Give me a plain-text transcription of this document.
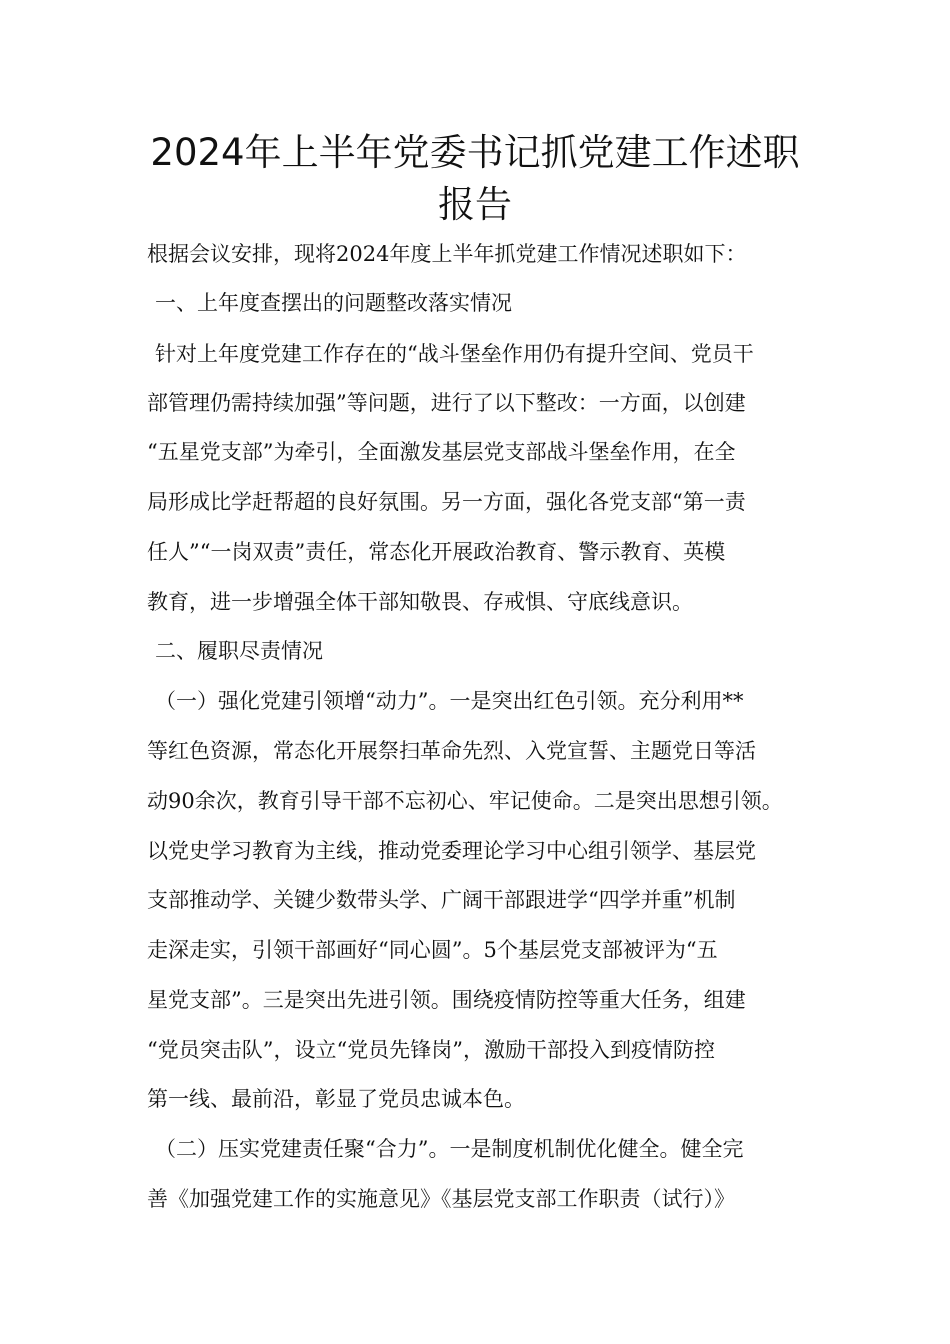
2024年上半年党委书记抓党建工作述职
报告

根据会议安排，现将2024年度上半年抓党建工作情况述职如下：

一、上年度查摆出的问题整改落实情况

针对上年度党建工作存在的“战斗堡垒作用仍有提升空间、党员干

部管理仍需持续加强”等问题，进行了以下整改：一方面，以创建

“五星党支部”为牵引，全面激发基层党支部战斗堡垒作用，在全

局形成比学赶帮超的良好氛围。另一方面，强化各党支部“第一责

任人”“一岗双责”责任，常态化开展政治教育、警示教育、英模

教育，进一步增强全体干部知敬畏、存戒惧、守底线意识。

二、履职尽责情况

（一）强化党建引领增“动力”。一是突出红色引领。充分利用**

等红色资源，常态化开展祭扫革命先烈、入党宣誓、主题党日等活

动90余次，教育引导干部不忘初心、牢记使命。二是突出思想引领。

以党史学习教育为主线，推动党委理论学习中心组引领学、基层党

支部推动学、关键少数带头学、广阔干部跟进学“四学并重”机制

走深走实，引领干部画好“同心圆”。5个基层党支部被评为“五

星党支部”。三是突出先进引领。围绕疫情防控等重大任务，组建

“党员突击队”，设立“党员先锋岗”，激励干部投入到疫情防控

第一线、最前沿，彰显了党员忠诚本色。

（二）压实党建责任聚“合力”。一是制度机制优化健全。健全完

善《加强党建工作的实施意见》《基层党支部工作职责（试行）》
